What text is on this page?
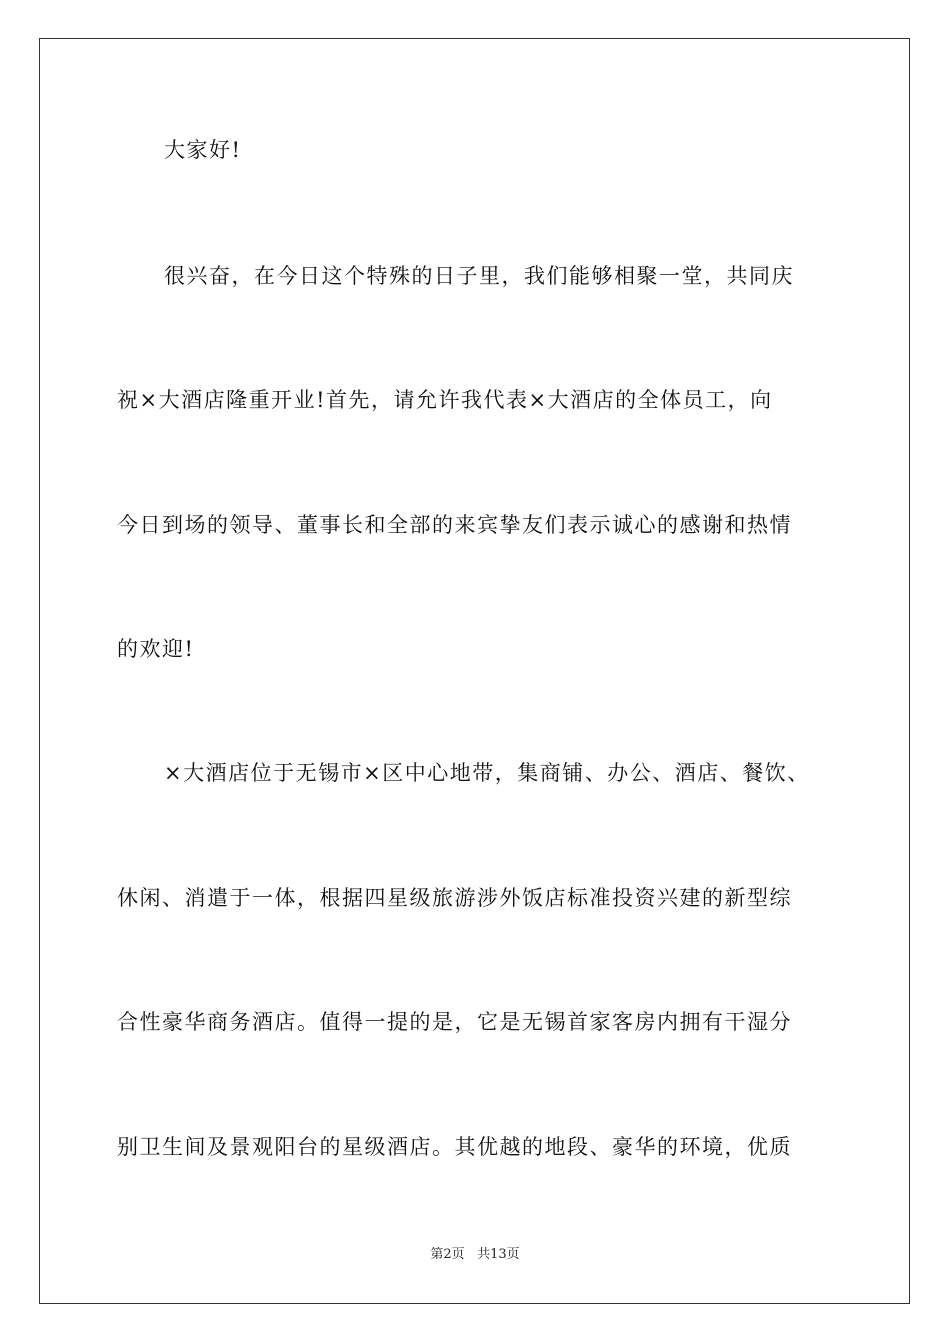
大家好!

很兴奋，在今日这个特殊的日子里，我们能够相聚一堂，共同庆

祝×大酒店隆重开业!首先，请允许我代表×大酒店的全体员工，向

今日到场的领导、董事长和全部的来宾挚友们表示诚心的感谢和热情

的欢迎!

×大酒店位于无锡市×区中心地带，集商铺、办公、酒店、餐饮、

休闲、消遣于一体，根据四星级旅游涉外饭店标准投资兴建的新型综

合性豪华商务酒店。值得一提的是，它是无锡首家客房内拥有干湿分

别卫生间及景观阳台的星级酒店。其优越的地段、豪华的环境，优质

第2页 共13页
